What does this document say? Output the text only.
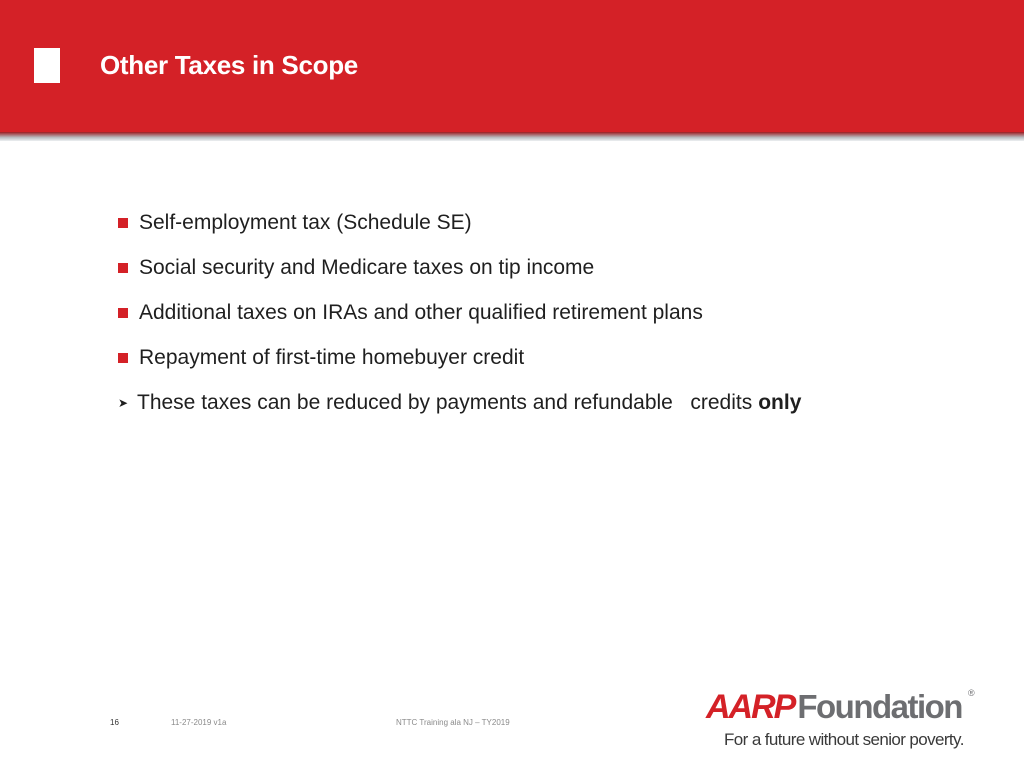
Other Taxes in Scope
Self-employment tax (Schedule SE)
Social security and Medicare taxes on tip income
Additional taxes on IRAs and other qualified retirement plans
Repayment of first-time homebuyer credit
➤ These taxes can be reduced by payments and refundable   credits only
16	11-27-2019 v1a	NTTC Training ala NJ – TY2019	AARP Foundation ®
For a future without senior poverty.
